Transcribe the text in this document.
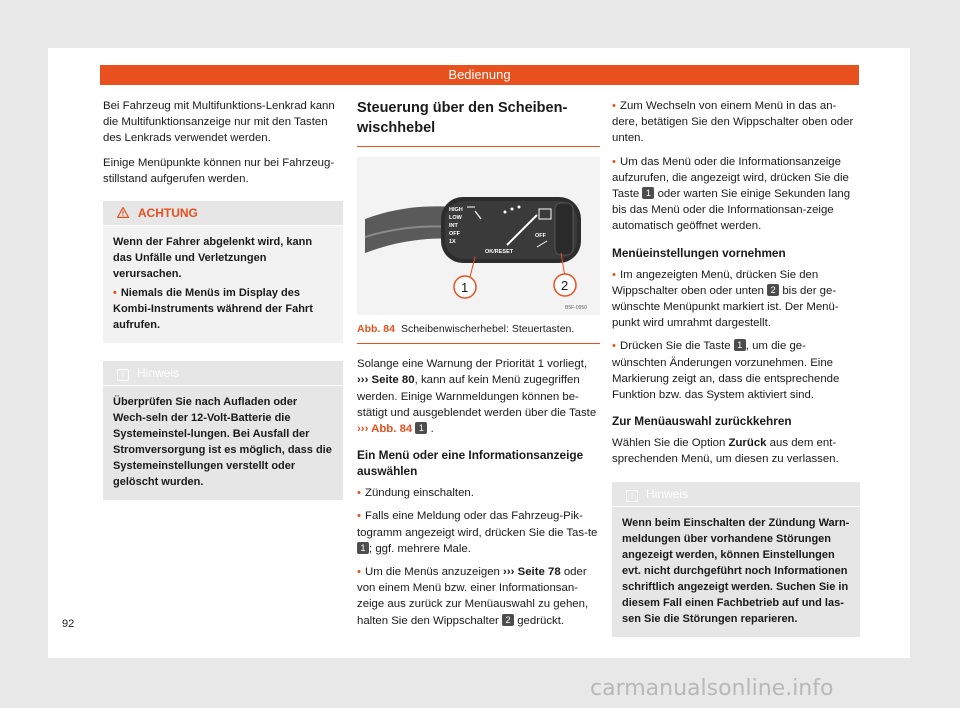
Bedienung

Bei Fahrzeug mit Multifunktions-Lenkrad kann die Multifunktionsanzeige nur mit den Tasten des Lenkrads verwendet werden.

Einige Menüpunkte können nur bei Fahrzeug-stillstand aufgerufen werden.

ACHTUNG
Wenn der Fahrer abgelenkt wird, kann das Unfälle und Verletzungen verursachen.
• Niemals die Menüs im Display des Kombi-Instruments während der Fahrt aufrufen.
i Hinweis
Überprüfen Sie nach Aufladen oder Wech-seln der 12-Volt-Batterie die Systemeinstel-lungen. Bei Ausfall der Stromversorgung ist es möglich, dass die Systemeinstellungen verstellt oder gelöscht wurden.
Steuerung über den Scheiben-wischhebel
HIGH
LOW
INT
OFF
1X
OK/RESET
OFF
1	2
B5F-0950
Abb. 84 Scheibenwischerhebel: Steuertasten.

Solange eine Warnung der Priorität 1 vorliegt, ››› Seite 80, kann auf kein Menü zugegriffen werden. Einige Warnmeldungen können be-stätigt und ausgeblendet werden über die Taste ››› Abb. 84 1 .

Ein Menü oder eine Informationsanzeige auswählen
• Zündung einschalten.
• Falls eine Meldung oder das Fahrzeug-Pik-togramm angezeigt wird, drücken Sie die Tas-te 1 ; ggf. mehrere Male.
• Um die Menüs anzuzeigen ››› Seite 78 oder von einem Menü bzw. einer Informationsan-zeige aus zurück zur Menüauswahl zu gehen, halten Sie den Wippschalter 2 gedrückt.
• Zum Wechseln von einem Menü in das an-dere, betätigen Sie den Wippschalter oben oder unten.
• Um das Menü oder die Informationsanzeige aufzurufen, die angezeigt wird, drücken Sie die Taste 1 oder warten Sie einige Sekunden lang bis das Menü oder die Informationsan-zeige automatisch geöffnet werden.
Menüeinstellungen vornehmen
• Im angezeigten Menü, drücken Sie den Wippschalter oben oder unten 2 bis der ge-wünschte Menüpunkt markiert ist. Der Menü-punkt wird umrahmt dargestellt.
• Drücken Sie die Taste 1 , um die ge-wünschten Änderungen vorzunehmen. Eine Markierung zeigt an, dass die entsprechende Funktion bzw. das System aktiviert sind.
Zur Menüauswahl zurückkehren

Wählen Sie die Option Zurück aus dem ent-sprechenden Menü, um diesen zu verlassen.

i Hinweis
Wenn beim Einschalten der Zündung Warn-meldungen über vorhandene Störungen angezeigt werden, können Einstellungen evt. nicht durchgeführt noch Informationen schriftlich angezeigt werden. Suchen Sie in diesem Fall einen Fachbetrieb auf und las-sen Sie die Störungen reparieren.
92
carmanualsonline.info
